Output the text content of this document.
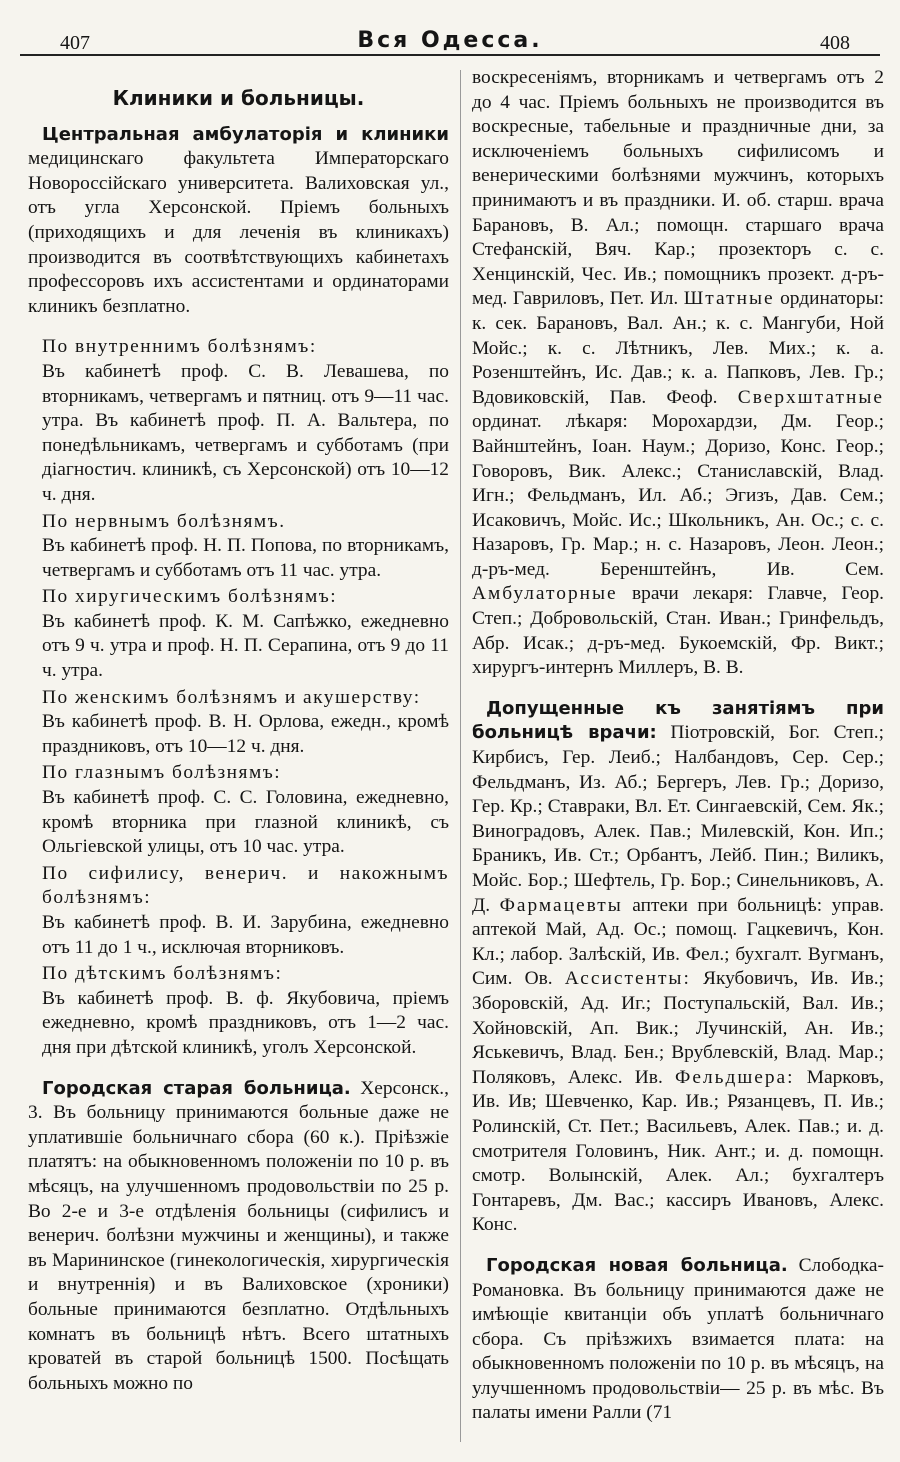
407	Вся Одесса.	408
Клиники и больницы.

Центральная амбулаторія и клиники медицинскаго факультета Императорскаго Новороссійскаго университета. Валиховская ул., отъ угла Херсонской. Пріемъ больныхъ (приходящихъ и для леченія въ клиникахъ) производится въ соотвѣтствующихъ кабинетахъ профессоровъ ихъ ассистентами и ординаторами клиникъ безплатно.

По внутреннимъ болѣзнямъ:

Въ кабинетѣ проф. С. В. Левашева, по вторникамъ, четвергамъ и пятниц. отъ 9—11 час. утра. Въ кабинетѣ проф. П. А. Вальтера, по понедѣльникамъ, четвергамъ и субботамъ (при діагностич. клиникѣ, съ Херсонской) отъ 10—12 ч. дня.

По нервнымъ болѣзнямъ.

Въ кабинетѣ проф. Н. П. Попова, по вторникамъ, четвергамъ и субботамъ отъ 11 час. утра.

По хиругическимъ болѣзнямъ:

Въ кабинетѣ проф. К. М. Сапѣжко, ежедневно отъ 9 ч. утра и проф. Н. П. Серапина, отъ 9 до 11 ч. утра.

По женскимъ болѣзнямъ и акушерству:

Въ кабинетѣ проф. В. Н. Орлова, ежедн., кромѣ праздниковъ, отъ 10—12 ч. дня.

По глазнымъ болѣзнямъ:

Въ кабинетѣ проф. С. С. Головина, ежедневно, кромѣ вторника при глазной клиникѣ, съ Ольгіевской улицы, отъ 10 час. утра.

По сифилису, венерич. и накожнымъ болѣзнямъ:

Въ кабинетѣ проф. В. И. Зарубина, ежедневно отъ 11 до 1 ч., исключая вторниковъ.

По дѣтскимъ болѣзнямъ:

Въ кабинетѣ проф. В. ф. Якубовича, пріемъ ежедневно, кромѣ праздниковъ, отъ 1—2 час. дня при дѣтской клиникѣ, уголъ Херсонской.

Городская старая больница. Херсонск., 3. Въ больницу принимаются больные даже не уплатившіе больничнаго сбора (60 к.). Пріѣзжіе платятъ: на обыкновенномъ положеніи по 10 р. въ мѣсяцъ, на улучшенномъ продовольствіи по 25 р. Во 2-е и 3-е отдѣленія больницы (сифилисъ и венерич. болѣзни мужчины и женщины), и также въ Марининское (гинекологическія, хирургическія и внутреннія) и въ Валиховское (хроники) больные принимаются безплатно. Отдѣльныхъ комнатъ въ больницѣ нѣтъ. Всего штатныхъ кроватей въ старой больницѣ 1500. Посѣщать больныхъ можно по

воскресеніямъ, вторникамъ и четвергамъ отъ 2 до 4 час. Пріемъ больныхъ не производится въ воскресные, табельные и праздничные дни, за исключеніемъ больныхъ сифилисомъ и венерическими болѣзнями мужчинъ, которыхъ принимаютъ и въ праздники. И. об. старш. врача Барановъ, В. Ал.; помощн. старшаго врача Стефанскій, Вяч. Кар.; прозекторъ с. с. Хенцинскій, Чес. Ив.; помощникъ прозект. д-ръ-мед. Гавриловъ, Пет. Ил. Штатные ординаторы: к. сек. Барановъ, Вал. Ан.; к. с. Мангуби, Ной Мойс.; к. с. Лѣтникъ, Лев. Мих.; к. а. Розенштейнъ, Ис. Дав.; к. а. Папковъ, Лев. Гр.; Вдовиковскій, Пав. Феоф. Сверхштатные ординат. лѣкаря: Морохардзи, Дм. Геор.; Вайнштейнъ, Іоан. Наум.; Доризо, Конс. Геор.; Говоровъ, Вик. Алекс.; Станиславскій, Влад. Игн.; Фельдманъ, Ил. Аб.; Эгизъ, Дав. Сем.; Исаковичъ, Мойс. Ис.; Школьникъ, Ан. Ос.; с. с. Назаровъ, Гр. Мар.; н. с. Назаровъ, Леон. Леон.; д-ръ-мед. Беренштейнъ, Ив. Сем. Амбулаторные врачи лекаря: Главче, Геор. Степ.; Добровольскій, Стан. Иван.; Гринфельдъ, Абр. Исак.; д-ръ-мед. Букоемскій, Фр. Викт.; хирургъ-интернъ Миллеръ, В. В.

Допущенные къ занятіямъ при больницѣ врачи: Піотровскій, Бог. Степ.; Кирбисъ, Гер. Леиб.; Налбандовъ, Сер. Сер.; Фельдманъ, Из. Аб.; Бергеръ, Лев. Гр.; Доризо, Гер. Кр.; Ставраки, Вл. Ет. Сингаевскій, Сем. Як.; Виноградовъ, Алек. Пав.; Милевскій, Кон. Ип.; Браникъ, Ив. Ст.; Орбантъ, Лейб. Пин.; Виликъ, Мойс. Бор.; Шефтель, Гр. Бор.; Синельниковъ, А. Д. Фармацевты аптеки при больницѣ: управ. аптекой Май, Ад. Ос.; помощ. Гацкевичъ, Кон. Кл.; лабор. Залѣскій, Ив. Фел.; бухгалт. Вугманъ, Сим. Ов. Ассистенты: Якубовичъ, Ив. Ив.; Зборовскій, Ад. Иг.; Поступальскій, Вал. Ив.; Хойновскій, Ап. Вик.; Лучинскій, Ан. Ив.; Яськевичъ, Влад. Бен.; Врублевскій, Влад. Мар.; Поляковъ, Алекс. Ив. Фельдшера: Марковъ, Ив. Ив; Шевченко, Кар. Ив.; Рязанцевъ, П. Ив.; Ролинскій, Ст. Пет.; Васильевъ, Алек. Пав.; и. д. смотрителя Головинъ, Ник. Ант.; и. д. помощн. смотр. Волынскій, Алек. Ал.; бухгалтеръ Гонтаревъ, Дм. Вас.; кассиръ Ивановъ, Алекс. Конс.

Городская новая больница. Слободка-Романовка. Въ больницу принимаются даже не имѣющіе квитанціи объ уплатѣ больничнаго сбора. Съ пріѣзжихъ взимается плата: на обыкновенномъ положеніи по 10 р. въ мѣсяцъ, на улучшенномъ продовольствіи— 25 р. въ мѣс. Въ палаты имени Ралли (71
